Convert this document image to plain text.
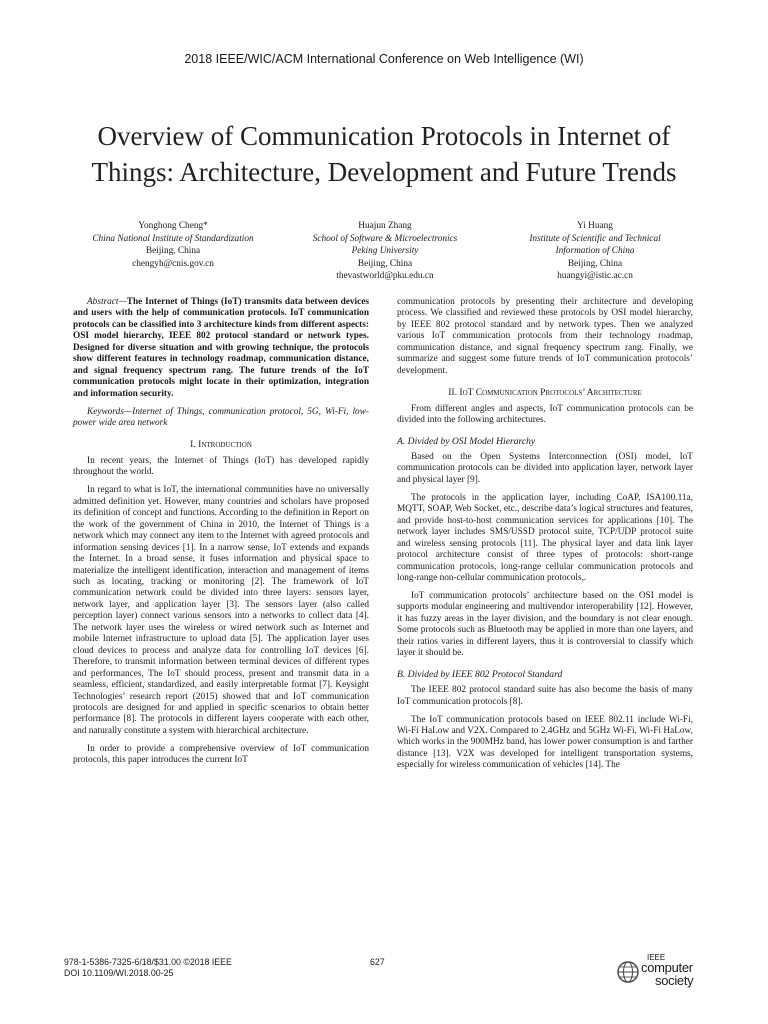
2018 IEEE/WIC/ACM International Conference on Web Intelligence (WI)
Overview of Communication Protocols in Internet of
Things: Architecture, Development and Future Trends
Yonghong Cheng*
China National Institute of Standardization
Beijing, China
chengyh@cnis.gov.cn
Huajun Zhang
School of Software & Microelectronics
Peking University
Beijing, China
thevastworld@pku.edu.cn
Yi Huang
Institute of Scientific and Technical
Information of China
Beijing, China
huangyi@istic.ac.cn

Abstract—The Internet of Things (IoT) transmits data between devices and users with the help of communication protocols. IoT communication protocols can be classified into 3 architecture kinds from different aspects: OSI model hierarchy, IEEE 802 protocol standard or network types. Designed for diverse situation and with growing technique, the protocols show different features in technology roadmap, communication distance, and signal frequency spectrum rang. The future trends of the IoT communication protocols might locate in their optimization, integration and information security.

Keywords—Internet of Things, communication protocol, 5G, Wi-Fi, low-power wide area network

I. Introduction

In recent years, the Internet of Things (IoT) has developed rapidly throughout the world.

In regard to what is IoT, the international communities have no universally admitted definition yet. However, many countries and scholars have proposed its definition of concept and functions. According to the definition in Report on the work of the government of China in 2010, the Internet of Things is a network which may connect any item to the Internet with agreed protocols and information sensing devices [1]. In a narrow sense, IoT extends and expands the Internet. In a broad sense, it fuses information and physical space to materialize the intelligent identification, interaction and management of items such as locating, tracking or monitoring [2]. The framework of IoT communication network could be divided into three layers: sensors layer, network layer, and application layer [3]. The sensors layer (also called perception layer) connect various sensors into a networks to collect data [4]. The network layer uses the wireless or wired network such as Internet and mobile Internet infrastructure to upload data [5]. The application layer uses cloud devices to process and analyze data for controlling IoT devices [6]. Therefore, to transmit information between terminal devices of different types and performances, The IoT should process, present and transmit data in a seamless, efficient, standardized, and easily interpretable format [7]. Keysight Technologies’ research report (2015) showed that and IoT communication protocols are designed for and applied in specific scenarios to obtain better performance [8]. The protocols in different layers cooperate with each other, and naturally constitute a system with hierarchical architecture.

In order to provide a comprehensive overview of IoT communication protocols, this paper introduces the current IoT

communication protocols by presenting their architecture and developing process. We classified and reviewed these protocols by OSI model hierarchy, by IEEE 802 protocol standard and by network types. Then we analyzed various IoT communication protocols from their technology roadmap, communication distance, and signal frequency spectrum rang. Finally, we summarize and suggest some future trends of IoT communication protocols’ development.

II. IoT Communication Protocols’ Architecture

From different angles and aspects, IoT communication protocols can be divided into the following architectures.

A. Divided by OSI Model Hierarchy

Based on the Open Systems Interconnection (OSI) model, IoT communication protocols can be divided into application layer, network layer and physical layer [9].

The protocols in the application layer, including CoAP, ISA100.11a, MQTT, SOAP, Web Socket, etc., describe data’s logical structures and features, and provide host-to-host communication services for applications [10]. The network layer includes SMS/USSD protocol suite, TCP/UDP protocol suite and wireless sensing protocols [11]. The physical layer and data link layer protocol architecture consist of three types of protocols: short-range communication protocols, long-range cellular communication protocols and long-range non-cellular communication protocols,.

IoT communication protocols’ architecture based on the OSI model is supports modular engineering and multivendor interoperability [12]. However, it has fuzzy areas in the layer division, and the boundary is not clear enough. Some protocols such as Bluetooth may be applied in more than one layers, and their ratios varies in different layers, thus it is controversial to classify which layer it should be.

B. Divided by IEEE 802 Protocol Standard

The IEEE 802 protocol standard suite has also become the basis of many IoT communication protocols [8].

The IoT communication protocols based on IEEE 802.11 include Wi-Fi, Wi-Fi HaLow and V2X. Compared to 2.4GHz and 5GHz Wi-Fi, Wi-Fi HaLow, which works in the 900MHz band, has lower power consumption is and farther distance [13]. V2X was developed for intelligent transportation systems, especially for wireless communication of vehicles [14]. The

978-1-5386-7325-6/18/$31.00 ©2018 IEEE
DOI 10.1109/WI.2018.00-25
627	IEEE
computer
society
